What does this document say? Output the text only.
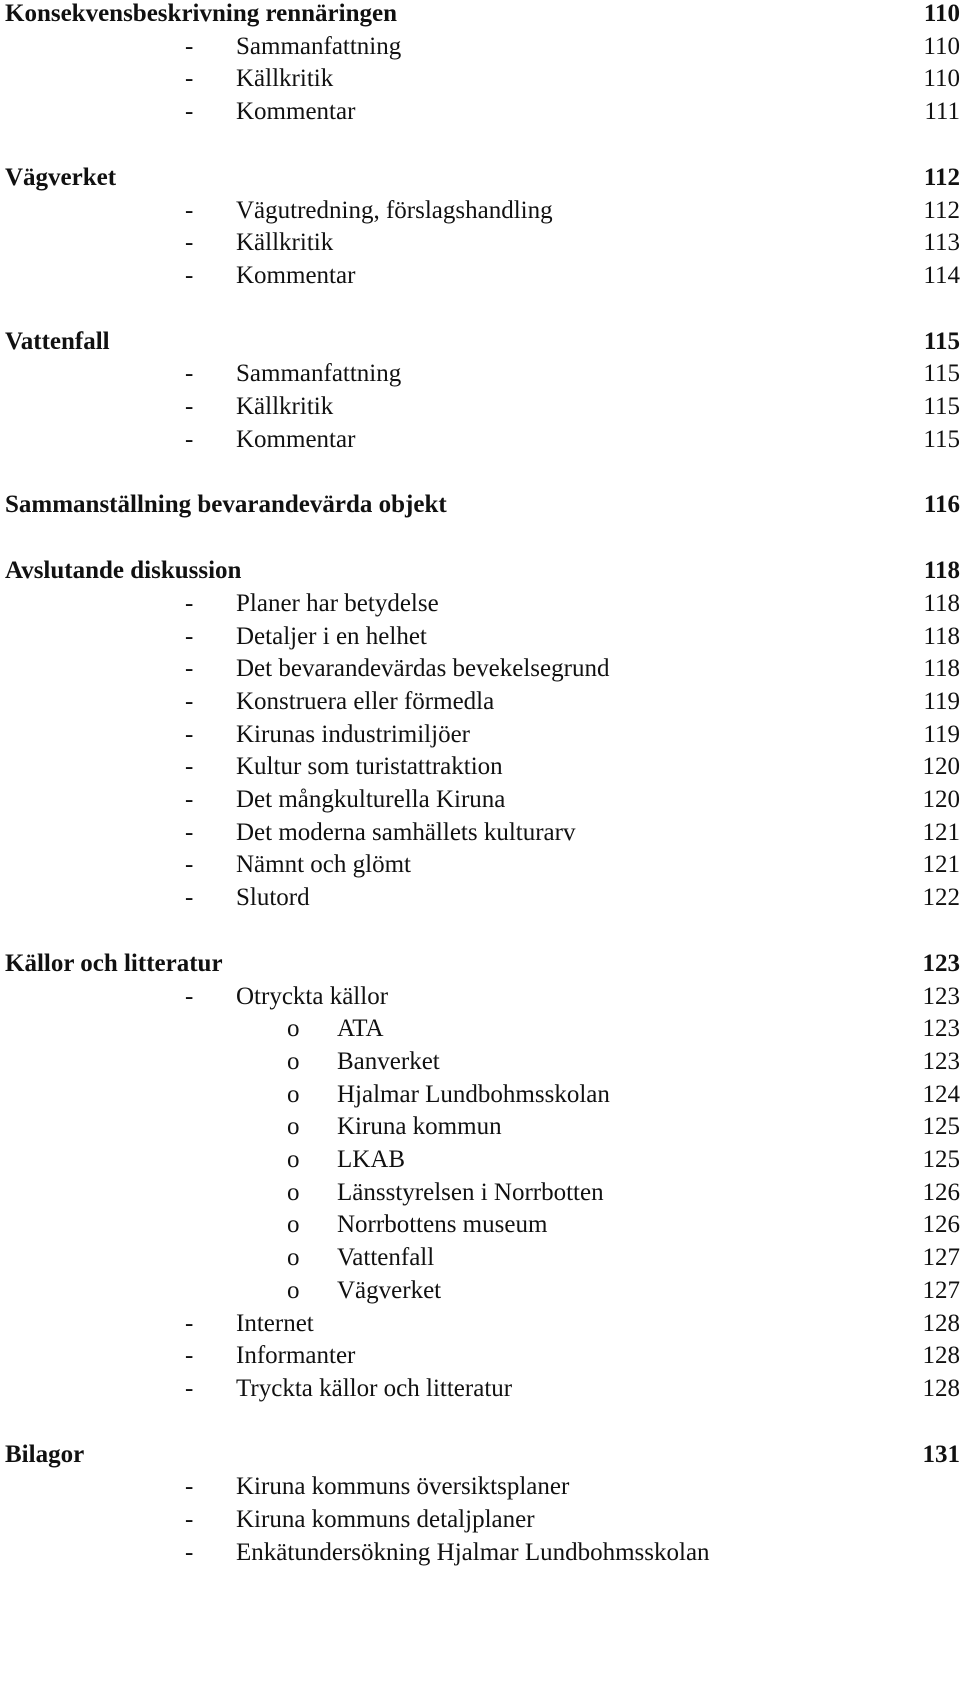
Konsekvensbeskrivning rennäringen	110
- Sammanfattning	110
- Källkritik	110
- Kommentar	111
Vägverket	112
- Vägutredning, förslagshandling	112
- Källkritik	113
- Kommentar	114
Vattenfall	115
- Sammanfattning	115
- Källkritik	115
- Kommentar	115
Sammanställning bevarandevärda objekt	116
Avslutande diskussion	118
- Planer har betydelse	118
- Detaljer i en helhet	118
- Det bevarandevärdas bevekelsegrund	118
- Konstruera eller förmedla	119
- Kirunas industrimiljöer	119
- Kultur som turistattraktion	120
- Det mångkulturella Kiruna	120
- Det moderna samhällets kulturarv	121
- Nämnt och glömt	121
- Slutord	122
Källor och litteratur	123
- Otryckta källor	123
o ATA	123
o Banverket	123
o Hjalmar Lundbohmsskolan	124
o Kiruna kommun	125
o LKAB	125
o Länsstyrelsen i Norrbotten	126
o Norrbottens museum	126
o Vattenfall	127
o Vägverket	127
- Internet	128
- Informanter	128
- Tryckta källor och litteratur	128
Bilagor	131
- Kiruna kommuns översiktsplaner
- Kiruna kommuns detaljplaner
- Enkätundersökning Hjalmar Lundbohmsskolan
